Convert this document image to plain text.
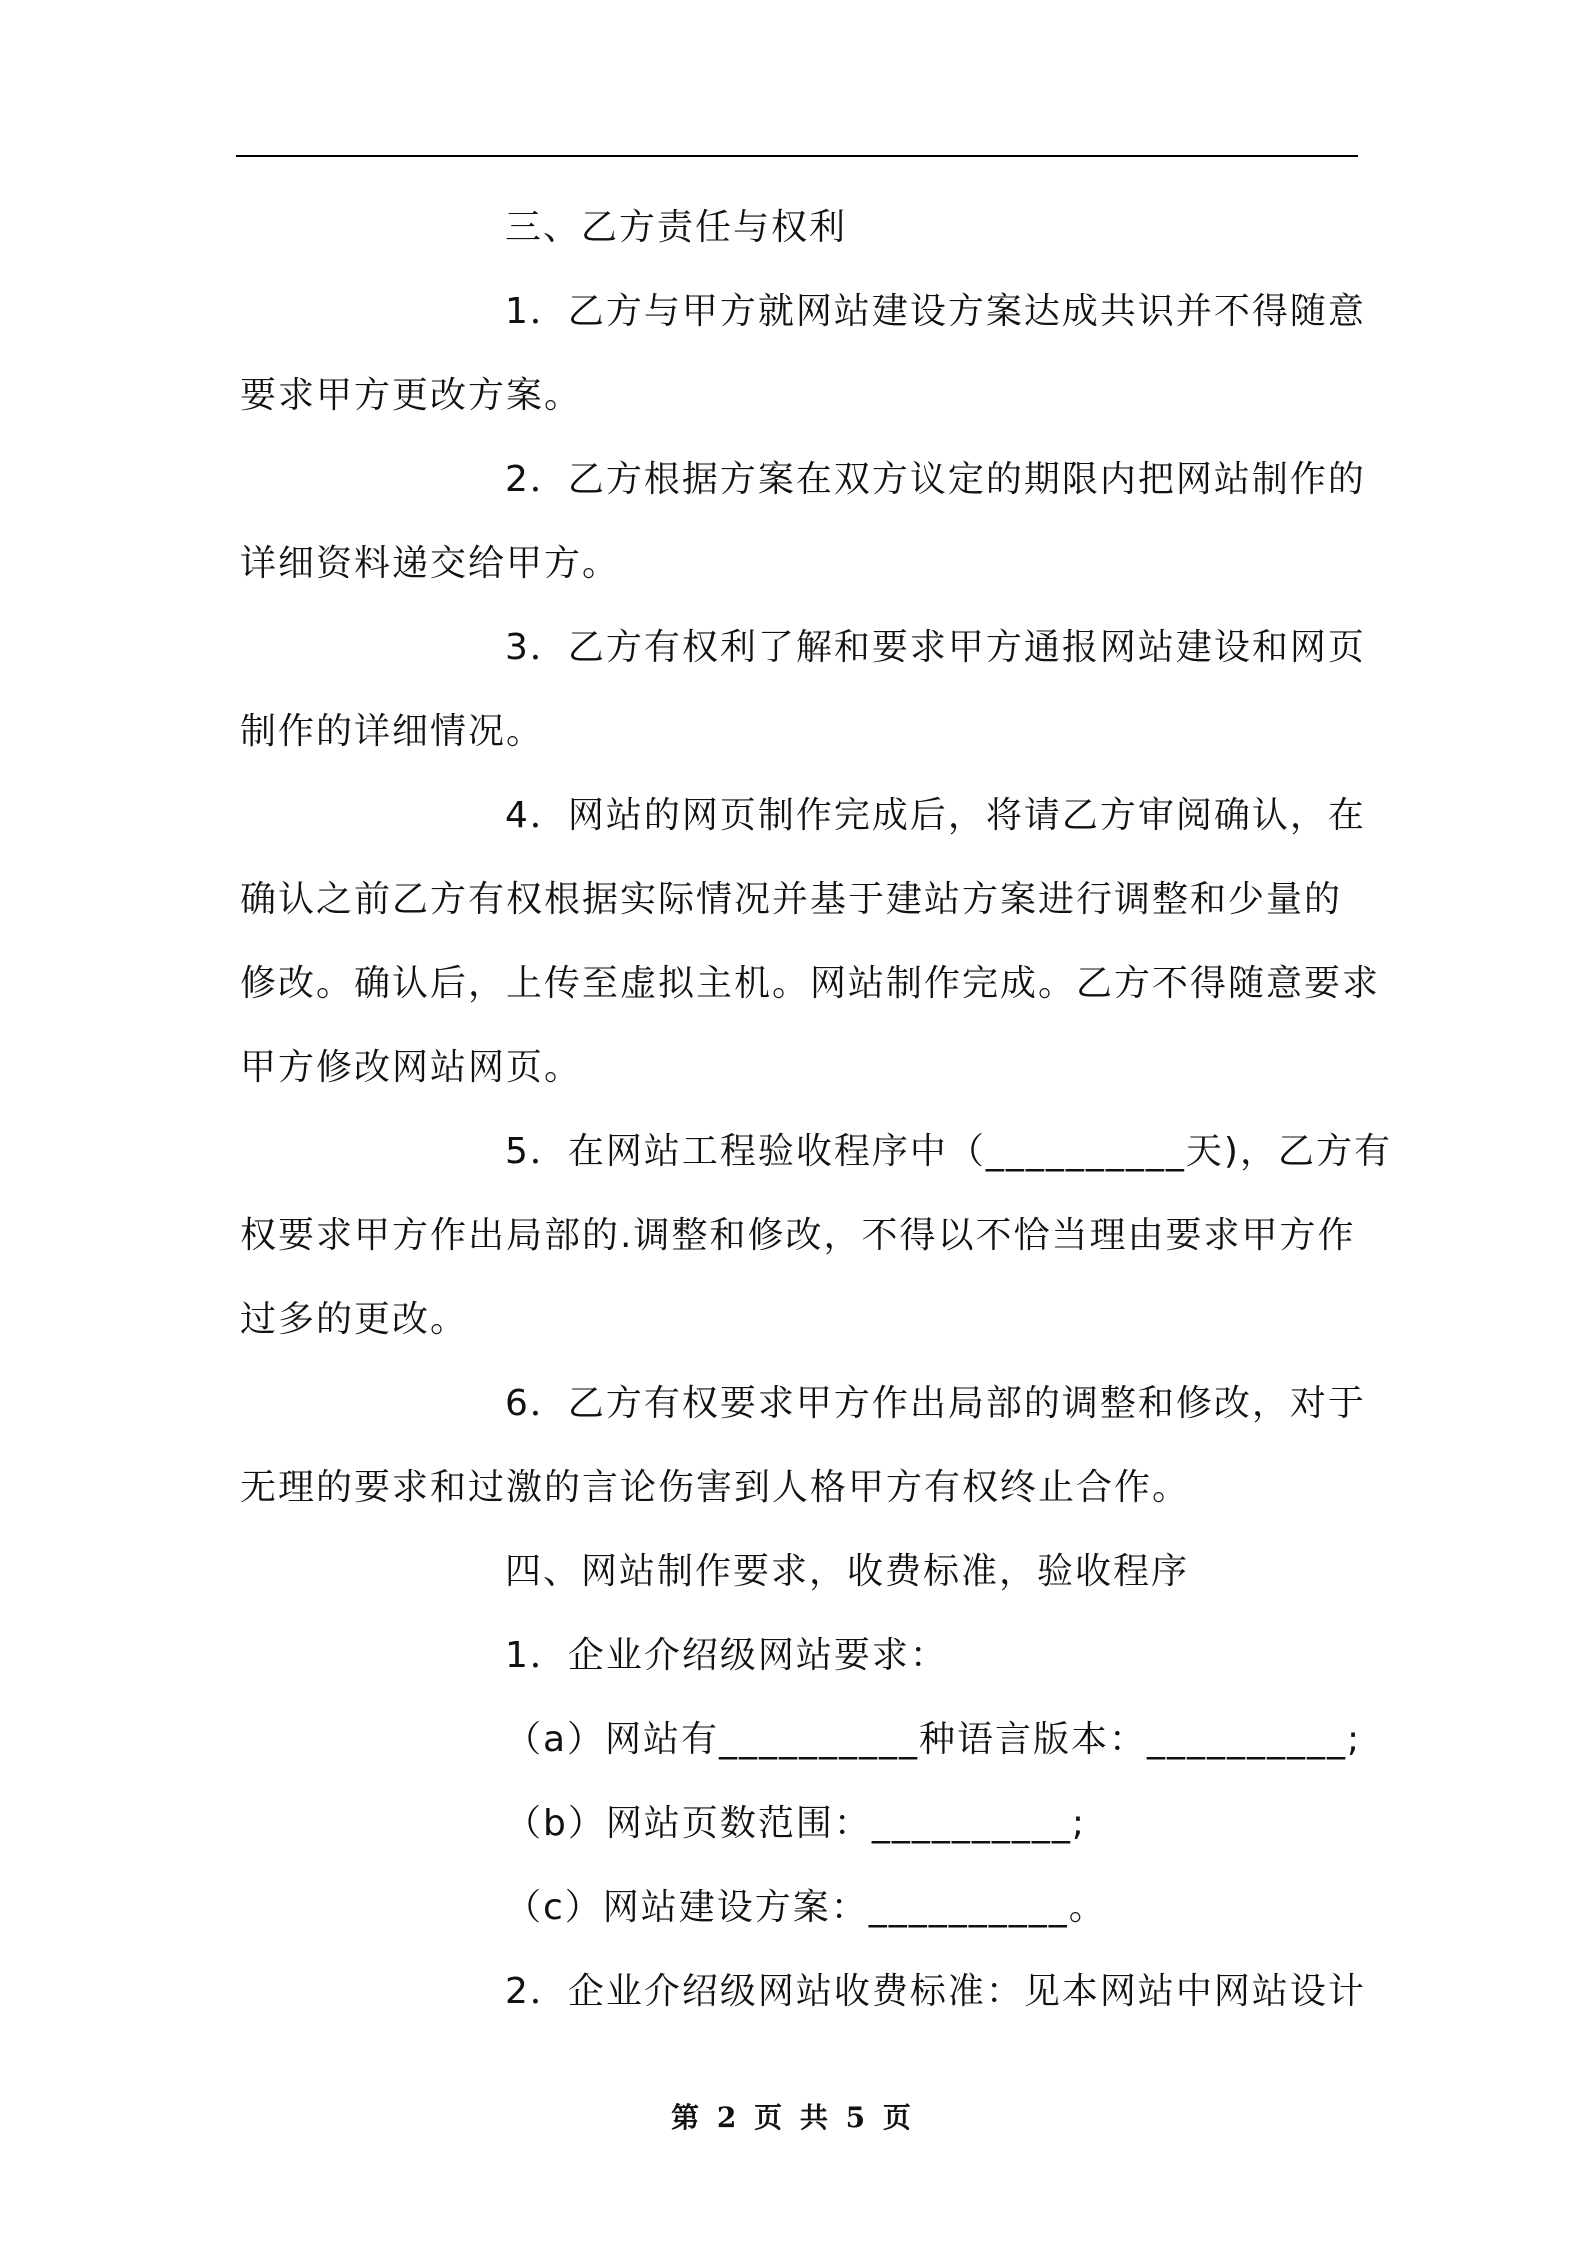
三、乙方责任与权利
1．乙方与甲方就网站建设方案达成共识并不得随意
要求甲方更改方案。
2．乙方根据方案在双方议定的期限内把网站制作的
详细资料递交给甲方。
3．乙方有权利了解和要求甲方通报网站建设和网页
制作的详细情况。
4．网站的网页制作完成后，将请乙方审阅确认，在
确认之前乙方有权根据实际情况并基于建站方案进行调整和少量的
修改。确认后，上传至虚拟主机。网站制作完成。乙方不得随意要求
甲方修改网站网页。
5．在网站工程验收程序中（__________天)，乙方有
权要求甲方作出局部的.调整和修改，不得以不恰当理由要求甲方作
过多的更改。
6．乙方有权要求甲方作出局部的调整和修改，对于
无理的要求和过激的言论伤害到人格甲方有权终止合作。
四、网站制作要求，收费标准，验收程序
1．企业介绍级网站要求：
（a）网站有__________种语言版本：__________;
（b）网站页数范围：__________;
（c）网站建设方案：__________。
2．企业介绍级网站收费标准：见本网站中网站设计
第 2 页 共 5 页
